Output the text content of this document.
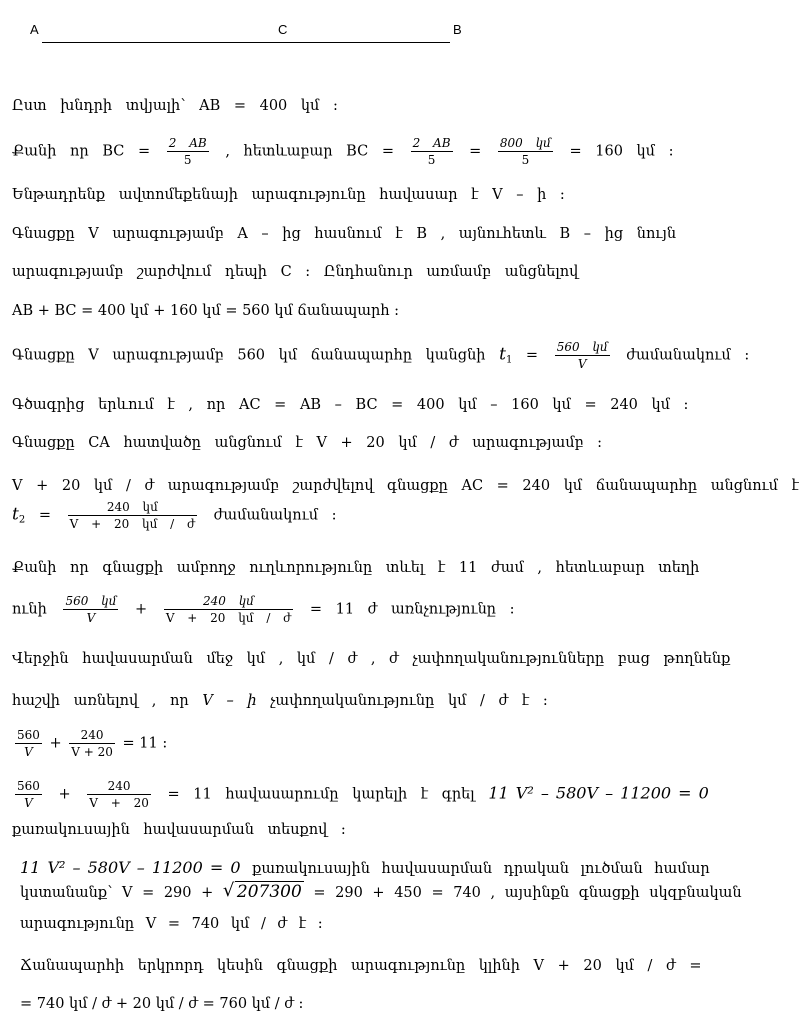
A	C	B
Ըստ խնդրի տվյալի՝ AB = 400 կմ :
Քանի որ BC = $\frac{2 AB}{5}$ , հետևաբար BC = $\frac{2 AB}{5} = \frac{\text{800 կմ}}{5} = 160$ կմ :
Ենթադրենք ավտոմեքենայի արագությունը հավասար է V – ի :
Գնացքը V արագությամբ A – ից հասնում է B , այնուհետև B – ից նույն
արագությամբ շարժվում դեպի C : Ընդհանուր առմամբ անցնելով
AB + BC = 400 կմ + 160 կմ = 560 կմ ճանապարհ :
Գնացքը V արագությամբ 560 կմ ճանապարհը կանցնի $t_1 = \frac{\text{560 կմ}}{V}$ ժամանակում :
Գծագրից երևում է , որ AC = AB – BC = 400 կմ – 160 կմ = 240 կմ :
Գնացքը CA հատվածը անցնում է V + 20 կմ / ժ արագությամբ :
V + 20 կմ / ժ արագությամբ շարժվելով գնացքը AC = 240 կմ ճանապարհը անցնում է
$t_2 = \frac{\text{240 կմ}}{\text{V + 20 կմ / ժ}}$ ժամանակում :
Քանի որ գնացքի ամբողջ ուղևորությունը տևել է 11 ժամ , հետևաբար տեղի
ունի $\frac{\text{560 կմ}}{V} + \frac{\text{240 կմ}}{\text{V + 20 կմ / ժ}} = 11$ ժ առնչությունը :
Վերջին հավասարման մեջ կմ , կմ / ժ , ժ չափողականությունները բաց թողնենք
հաշվի առնելով , որ V – ի չափողականությունը կմ / ժ է :
$\frac{560}{V} + \frac{240}{V + 20} = 11$ :
$\frac{560}{V} + \frac{240}{V + 20} = 11$ հավասարումը կարելի է գրել 11 V² – 580V – 11200 = 0
քառակուսային հավասարման տեսքով :
11 V² – 580V – 11200 = 0 քառակուսային հավասարման դրական լուծման համար
կստանանք՝ V = 290 + √ 207300 = 290 + 450 = 740 , այսինքն գնացքի սկզբնական
արագությունը V = 740 կմ / ժ է :
Ճանապարհի երկրորդ կեսին գնացքի արագությունը կլինի V + 20 կմ / ժ =
= 740 կմ / ժ + 20 կմ / ժ = 760 կմ / ժ :
